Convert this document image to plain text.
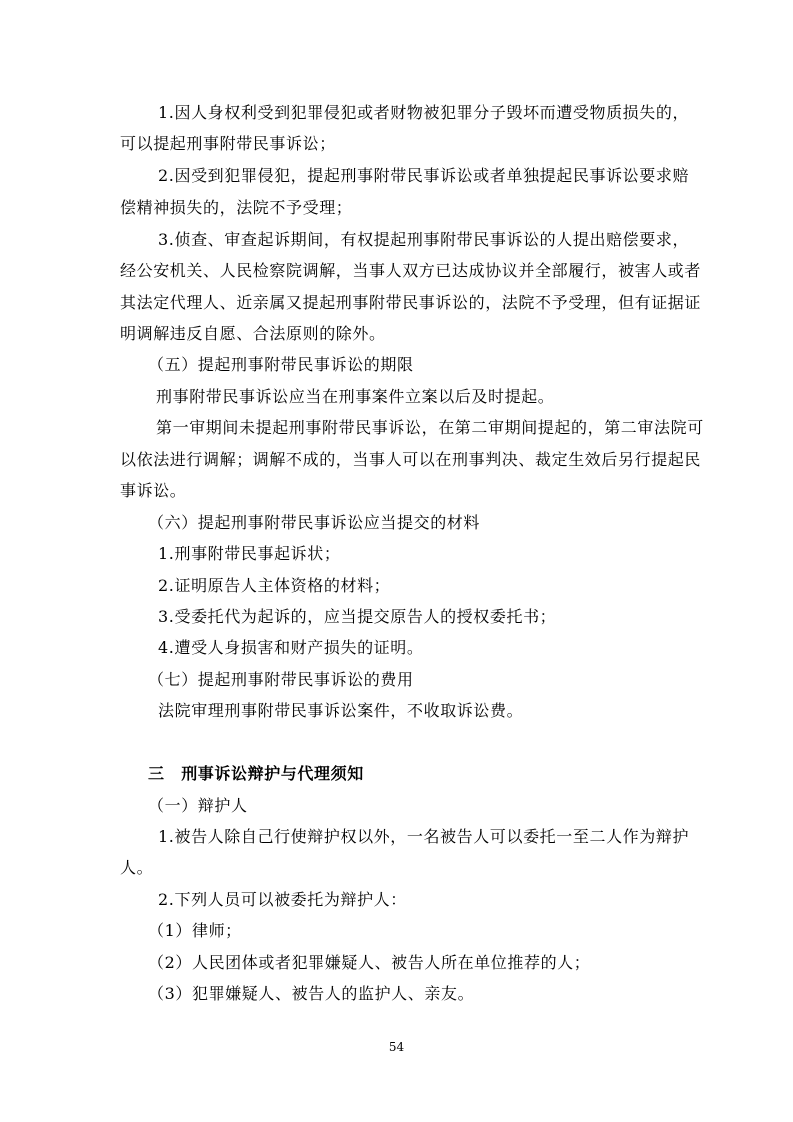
1.因人身权利受到犯罪侵犯或者财物被犯罪分子毁坏而遭受物质损失的，
可以提起刑事附带民事诉讼；
2.因受到犯罪侵犯，提起刑事附带民事诉讼或者单独提起民事诉讼要求赔
偿精神损失的，法院不予受理；
3.侦查、审查起诉期间，有权提起刑事附带民事诉讼的人提出赔偿要求，
经公安机关、人民检察院调解，当事人双方已达成协议并全部履行，被害人或者
其法定代理人、近亲属又提起刑事附带民事诉讼的，法院不予受理，但有证据证
明调解违反自愿、合法原则的除外。
（五）提起刑事附带民事诉讼的期限
刑事附带民事诉讼应当在刑事案件立案以后及时提起。
第一审期间未提起刑事附带民事诉讼，在第二审期间提起的，第二审法院可
以依法进行调解；调解不成的，当事人可以在刑事判决、裁定生效后另行提起民
事诉讼。
（六）提起刑事附带民事诉讼应当提交的材料
1.刑事附带民事起诉状；
2.证明原告人主体资格的材料；
3.受委托代为起诉的，应当提交原告人的授权委托书；
4.遭受人身损害和财产损失的证明。
（七）提起刑事附带民事诉讼的费用
法院审理刑事附带民事诉讼案件，不收取诉讼费。
三　刑事诉讼辩护与代理须知
（一）辩护人
1.被告人除自己行使辩护权以外，一名被告人可以委托一至二人作为辩护
人。
2.下列人员可以被委托为辩护人：
（1）律师；
（2）人民团体或者犯罪嫌疑人、被告人所在单位推荐的人；
（3）犯罪嫌疑人、被告人的监护人、亲友。
54
